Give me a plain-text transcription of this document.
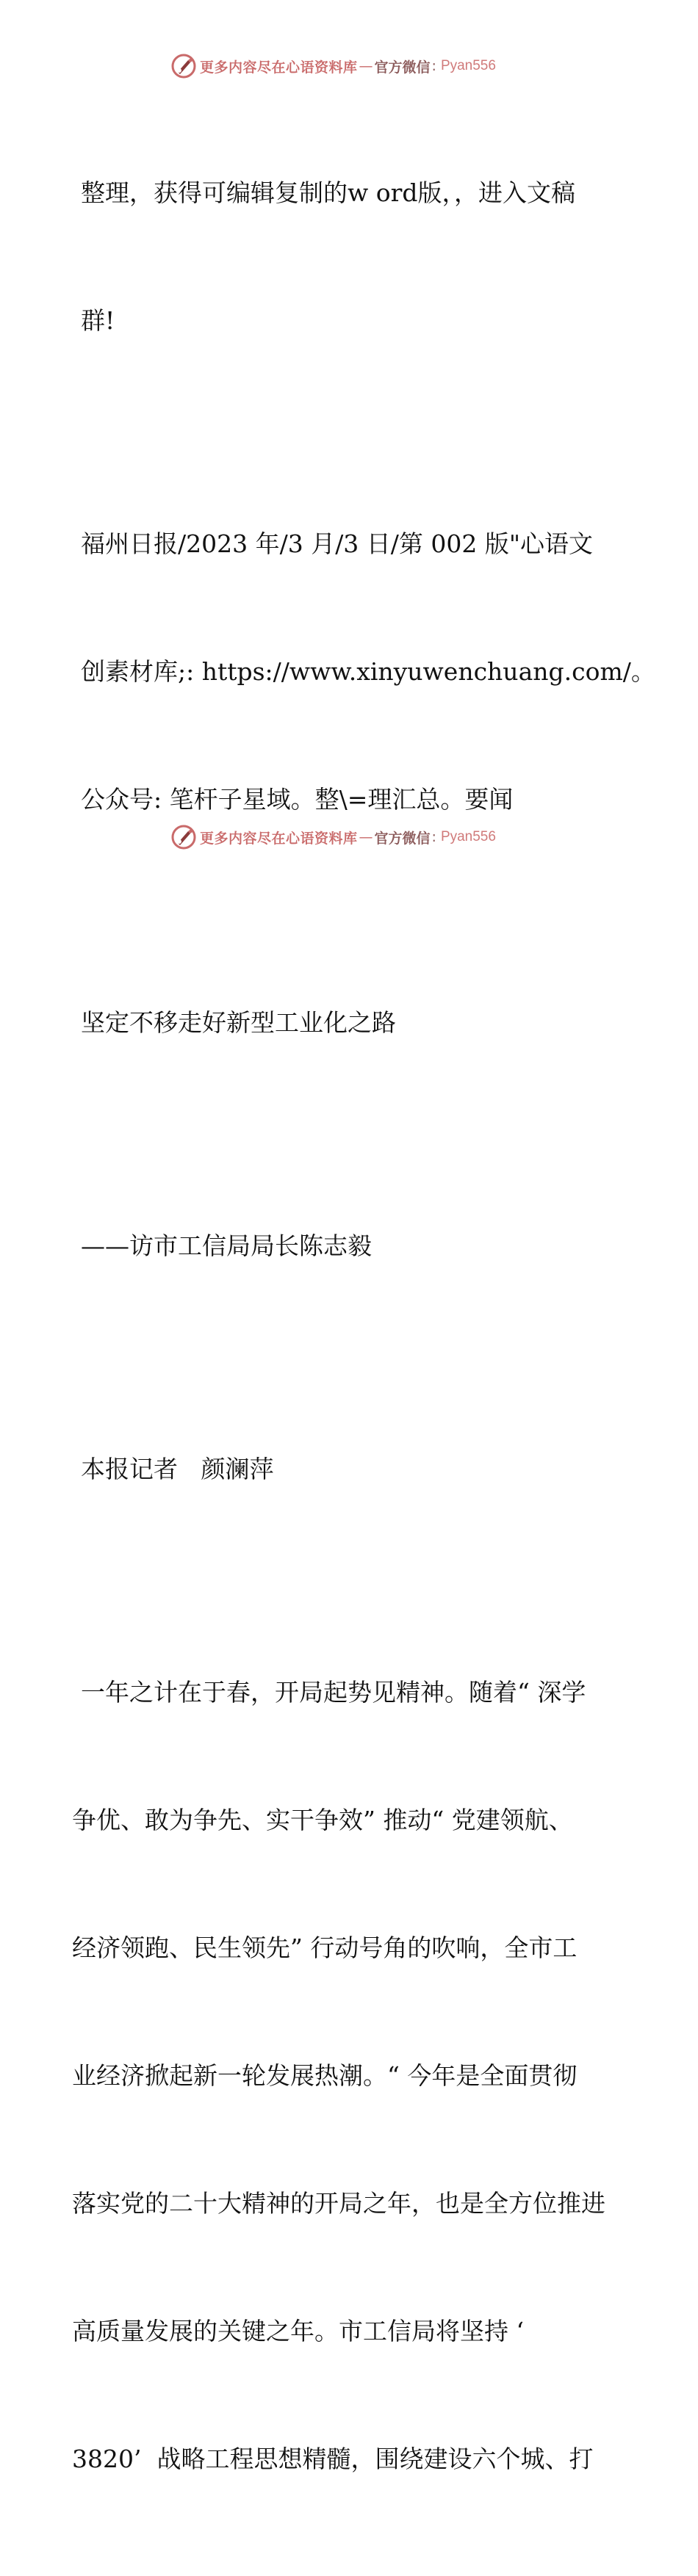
更多内容尽在心语资料库 — 官方微信 : Pyan556

整理，获得可编辑复制的w ord版，，进入文稿

群!

福州日报/2023 年/3 月/3 日/第 002 版"心语文

创素材库;: https://www.xinyuwenchuang.com/。

公众号: 笔杆子星域。整\=理汇总。要闻

坚定不移走好新型工业化之路

——访市工信局局长陈志毅

本报记者   颜澜萍

一年之计在于春，开局起势见精神。随着“ 深学

争优、敢为争先、实干争效” 推动“ 党建领航、

经济领跑、民生领先” 行动号角的吹响，全市工

业经济掀起新一轮发展热潮。“ 今年是全面贯彻

落实党的二十大精神的开局之年，也是全方位推进

高质量发展的关键之年。市工信局将坚持 ‘

3820’  战略工程思想精髓，围绕建设六个城、打

更多内容尽在心语资料库 — 官方微信 : Pyan556
